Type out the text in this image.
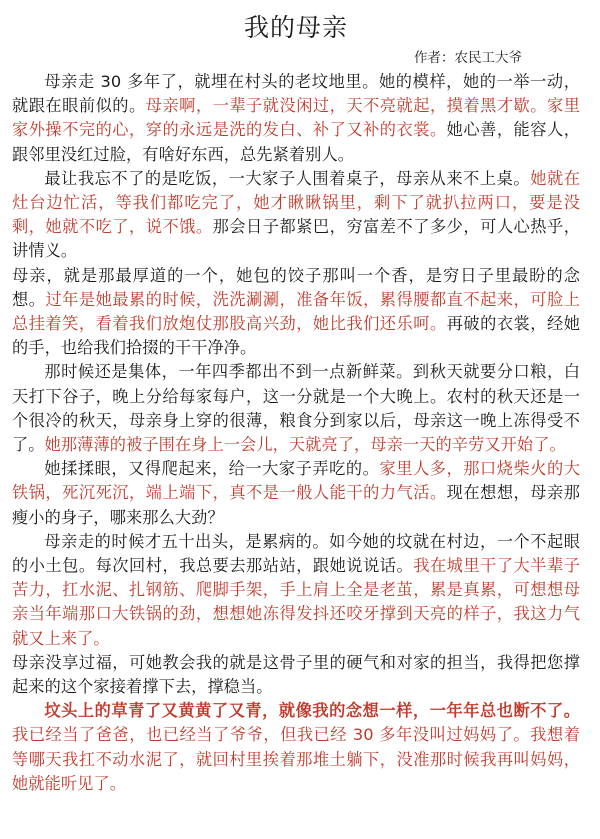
我的母亲
作者：农民工大爷

母亲走 30 多年了，就埋在村头的老坟地里。她的模样，她的一举一动，就跟在眼前似的。母亲啊，一辈子就没闲过，天不亮就起，摸着黑才歇。家里家外操不完的心，穿的永远是洗的发白、补了又补的衣裳。她心善，能容人，跟邻里没红过脸，有啥好东西，总先紧着别人。

最让我忘不了的是吃饭，一大家子人围着桌子，母亲从来不上桌。她就在灶台边忙活，等我们都吃完了，她才瞅瞅锅里，剩下了就扒拉两口，要是没剩，她就不吃了，说不饿。那会日子都紧巴，穷富差不了多少，可人心热乎，讲情义。

母亲，就是那最厚道的一个，她包的饺子那叫一个香，是穷日子里最盼的念想。过年是她最累的时候，洗洗涮涮，准备年饭，累得腰都直不起来，可脸上总挂着笑，看着我们放炮仗那股高兴劲，她比我们还乐呵。再破的衣裳，经她的手，也给我们拾掇的干干净净。

那时候还是集体，一年四季都出不到一点新鲜菜。到秋天就要分口粮，白天打下谷子，晚上分给每家每户，这一分就是一个大晚上。农村的秋天还是一个很冷的秋天，母亲身上穿的很薄，粮食分到家以后，母亲这一晚上冻得受不了。她那薄薄的被子围在身上一会儿，天就亮了，母亲一天的辛劳又开始了。

她揉揉眼，又得爬起来，给一大家子弄吃的。家里人多，那口烧柴火的大铁锅，死沉死沉，端上端下，真不是一般人能干的力气活。现在想想，母亲那瘦小的身子，哪来那么大劲？

母亲走的时候才五十出头，是累病的。如今她的坟就在村边，一个不起眼的小土包。每次回村，我总要去那站站，跟她说说话。我在城里干了大半辈子苦力，扛水泥、扎钢筋、爬脚手架，手上肩上全是老茧，累是真累，可想想母亲当年端那口大铁锅的劲，想想她冻得发抖还咬牙撑到天亮的样子，我这力气就又上来了。

母亲没享过福，可她教会我的就是这骨子里的硬气和对家的担当，我得把您撑起来的这个家接着撑下去，撑稳当。

坟头上的草青了又黄黄了又青，就像我的念想一样，一年年总也断不了。我已经当了爸爸，也已经当了爷爷，但我已经 30 多年没叫过妈妈了。我想着等哪天我扛不动水泥了，就回村里挨着那堆土躺下，没准那时候我再叫妈妈，她就能听见了。
